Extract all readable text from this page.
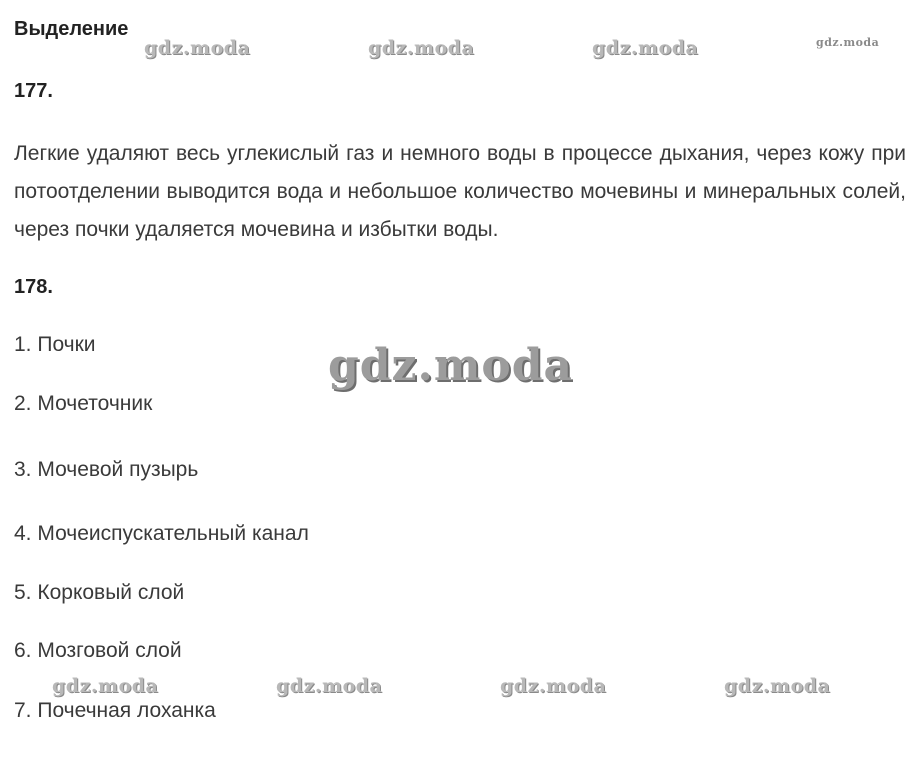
Выделение
gdz.moda	gdz.moda	gdz.moda	gdz.moda
177.

Легкие удаляют весь углекислый газ и немного воды в процессе дыхания, через кожу при потоотделении выводится вода и небольшое количество мочевины и минеральных солей, через почки удаляется мочевина и избытки воды.

178.
1. Почки
2. Мочеточник
3. Мочевой пузырь
4. Мочеиспускательный канал
5. Корковый слой
6. Мозговой слой
7. Почечная лоханка
gdz.moda
gdz.moda	gdz.moda	gdz.moda	gdz.moda
